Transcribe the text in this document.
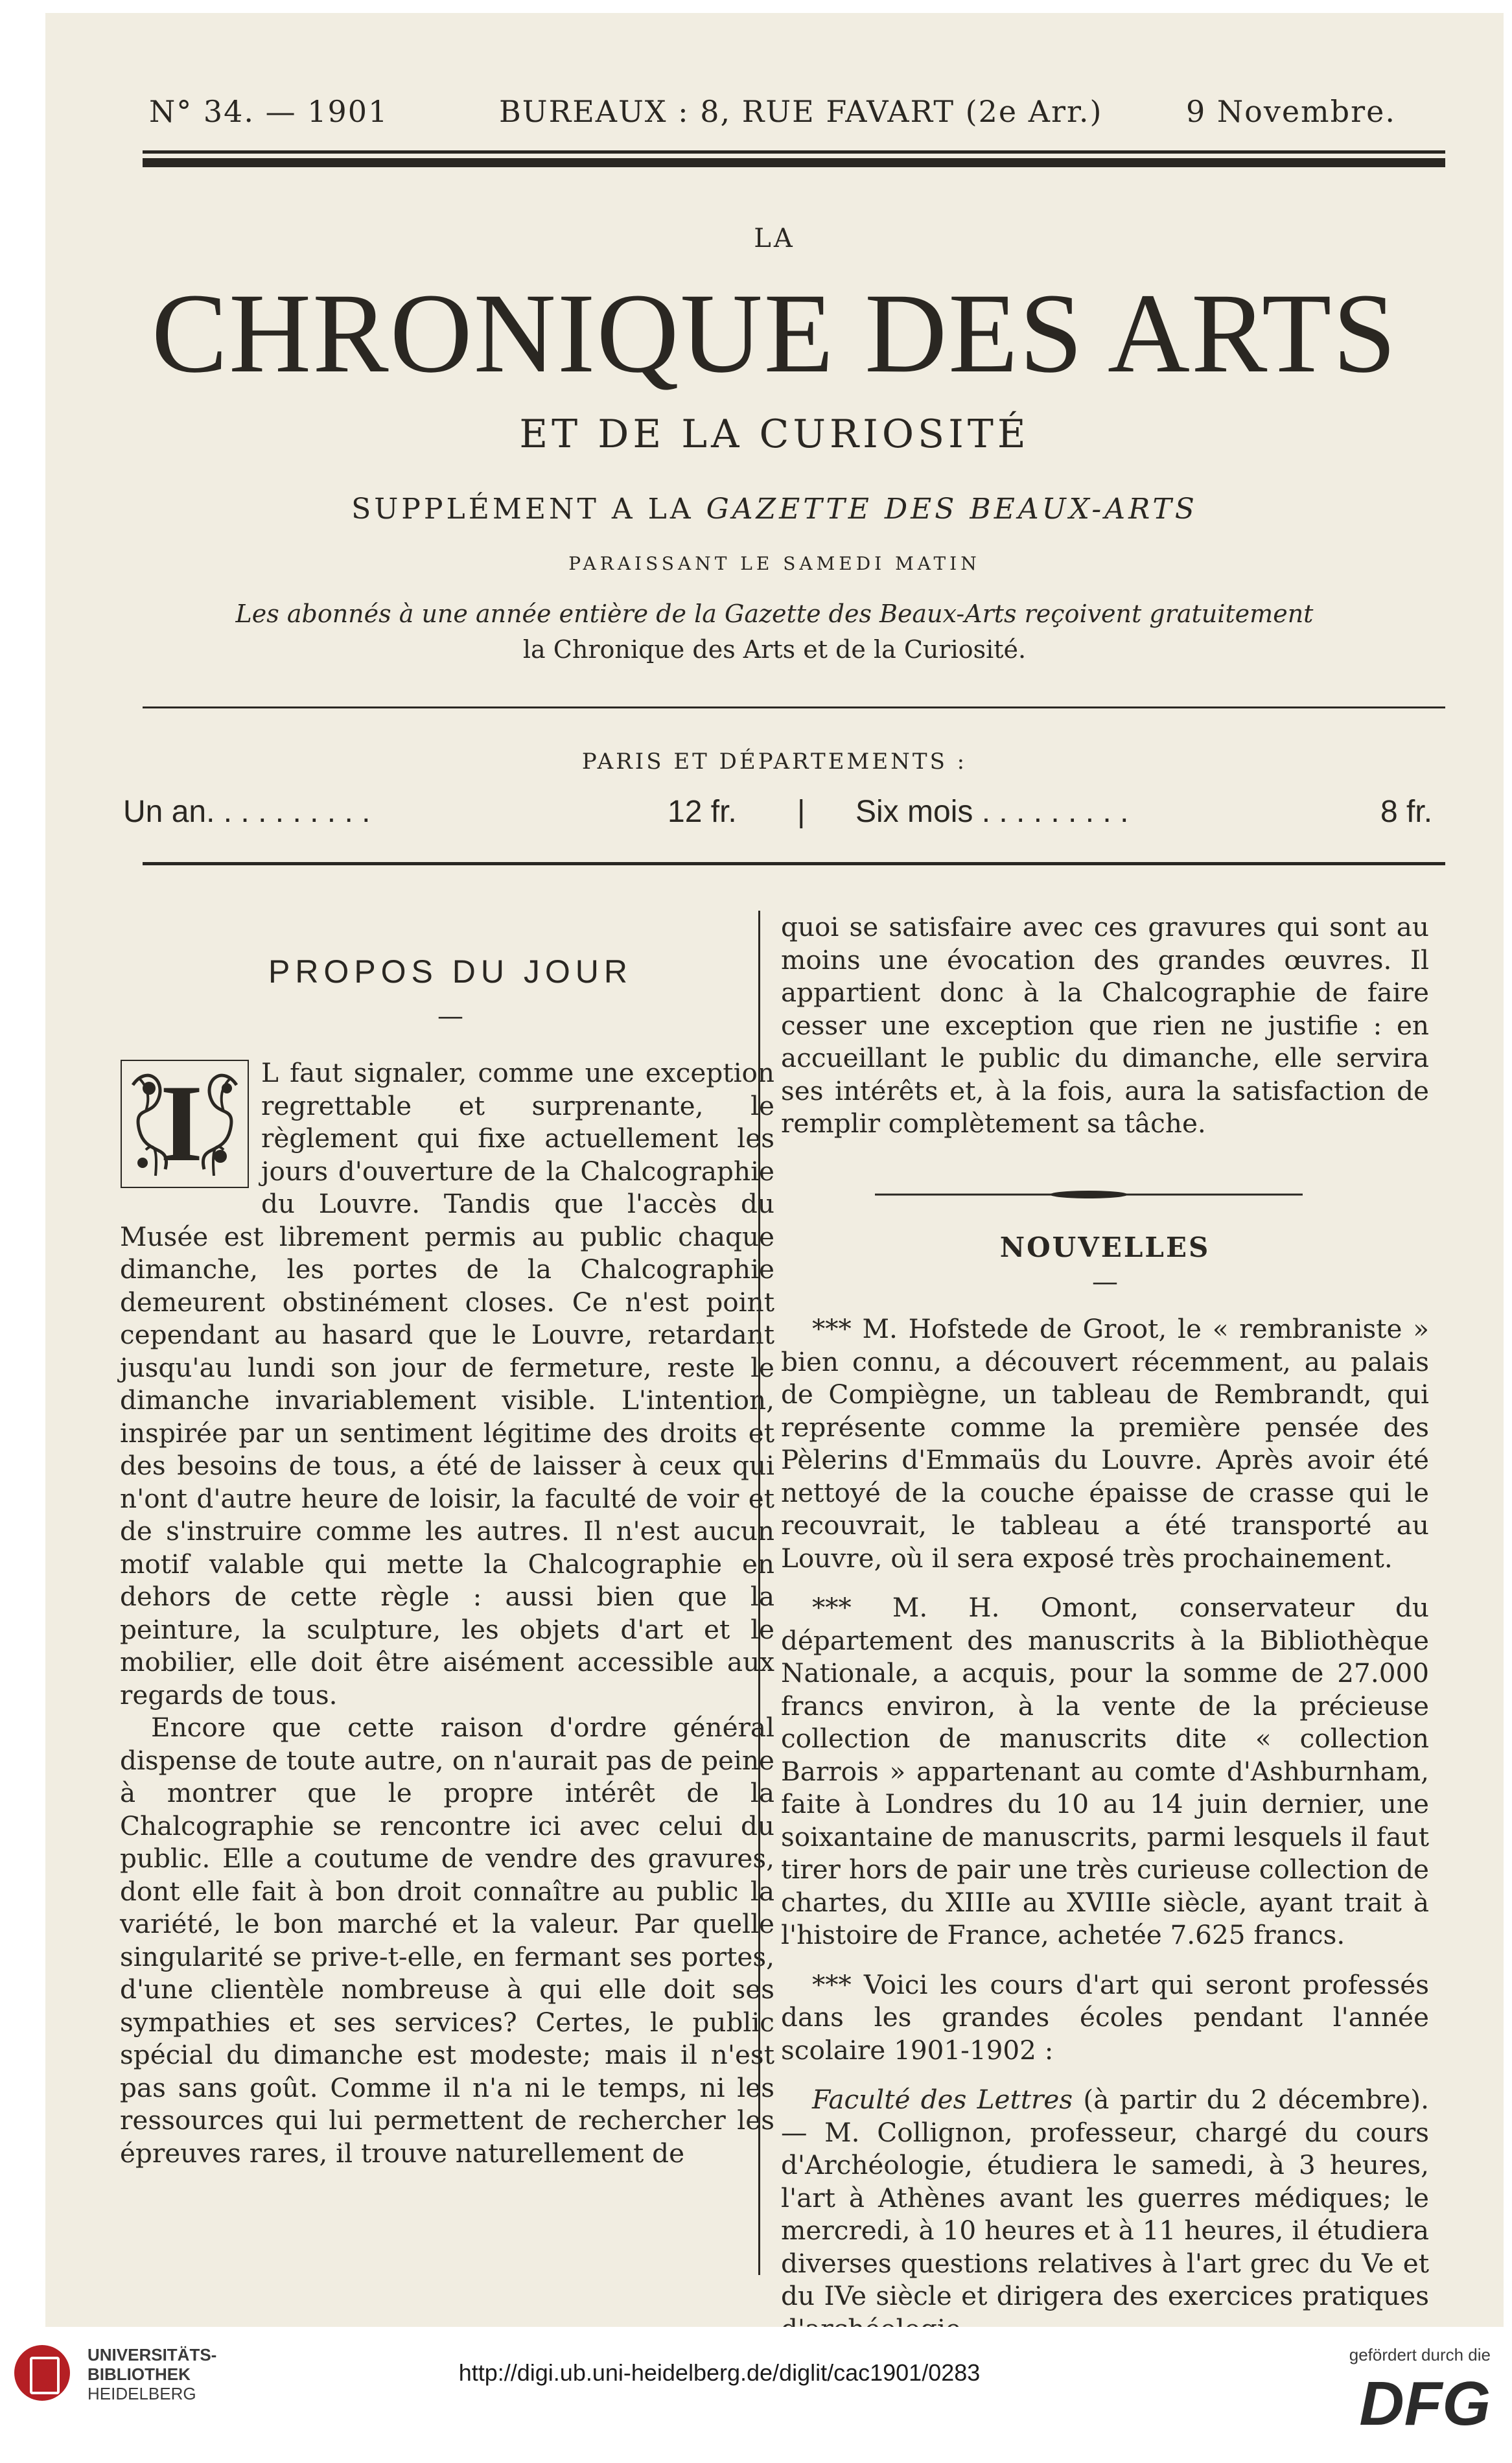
N° 34. — 1901	BUREAUX : 8, RUE FAVART (2e Arr.)	9 Novembre.
LA
CHRONIQUE DES ARTS
ET DE LA CURIOSITÉ
SUPPLÉMENT A LA GAZETTE DES BEAUX-ARTS
PARAISSANT LE SAMEDI MATIN
Les abonnés à une année entière de la Gazette des Beaux-Arts reçoivent gratuitement
la Chronique des Arts et de la Curiosité.
PARIS ET DÉPARTEMENTS :
Un an. . . . . . . . . .	12 fr. | Six mois . . . . . . . . .	8 fr.
PROPOS DU JOUR
—
I	L faut signaler, comme une exception regrettable et surprenante, le règlement qui fixe actuellement les jours d'ouverture de la Chalcographie du Louvre. Tandis que l'accès du Musée est librement permis au public chaque dimanche, les portes de la Chalcographie demeurent obstinément closes. Ce n'est point cependant au hasard que le Louvre, retardant jusqu'au lundi son jour de fermeture, reste le dimanche invariablement visible. L'intention, inspirée par un sentiment légitime des droits et des besoins de tous, a été de laisser à ceux qui n'ont d'autre heure de loisir, la faculté de voir et de s'instruire comme les autres. Il n'est aucun motif valable qui mette la Chalcographie en dehors de cette règle : aussi bien que la peinture, la sculpture, les objets d'art et le mobilier, elle doit être aisément accessible aux regards de tous.

Encore que cette raison d'ordre général dispense de toute autre, on n'aurait pas de peine à montrer que le propre intérêt de la Chalcographie se rencontre ici avec celui du public. Elle a coutume de vendre des gravures, dont elle fait à bon droit connaître au public la variété, le bon marché et la valeur. Par quelle singularité se prive-t-elle, en fermant ses portes, d'une clientèle nombreuse à qui elle doit ses sympathies et ses services? Certes, le public spécial du dimanche est modeste; mais il n'est pas sans goût. Comme il n'a ni le temps, ni les ressources qui lui permettent de rechercher les épreuves rares, il trouve naturellement de

quoi se satisfaire avec ces gravures qui sont au moins une évocation des grandes œuvres. Il appartient donc à la Chalcographie de faire cesser une exception que rien ne justifie : en accueillant le public du dimanche, elle servira ses intérêts et, à la fois, aura la satisfaction de remplir complètement sa tâche.

NOUVELLES
—

*** M. Hofstede de Groot, le « rembraniste » bien connu, a découvert récemment, au palais de Compiègne, un tableau de Rembrandt, qui représente comme la première pensée des Pèlerins d'Emmaüs du Louvre. Après avoir été nettoyé de la couche épaisse de crasse qui le recouvrait, le tableau a été transporté au Louvre, où il sera exposé très prochainement.

*** M. H. Omont, conservateur du département des manuscrits à la Bibliothèque Nationale, a acquis, pour la somme de 27.000 francs environ, à la vente de la précieuse collection de manuscrits dite « collection Barrois » appartenant au comte d'Ashburnham, faite à Londres du 10 au 14 juin dernier, une soixantaine de manuscrits, parmi lesquels il faut tirer hors de pair une très curieuse collection de chartes, du XIIIe au XVIIIe siècle, ayant trait à l'histoire de France, achetée 7.625 francs.

*** Voici les cours d'art qui seront professés dans les grandes écoles pendant l'année scolaire 1901-1902 :

Faculté des Lettres (à partir du 2 décembre). — M. Collignon, professeur, chargé du cours d'Archéologie, étudiera le samedi, à 3 heures, l'art à Athènes avant les guerres médiques; le mercredi, à 10 heures et à 11 heures, il étudiera diverses questions relatives à l'art grec du Ve et du IVe siècle et dirigera des exercices pratiques

UNIVERSITÄTS-
BIBLIOTHEK
HEIDELBERG
http://digi.ub.uni-heidelberg.de/diglit/cac1901/0283
gefördert durch die
DFG
